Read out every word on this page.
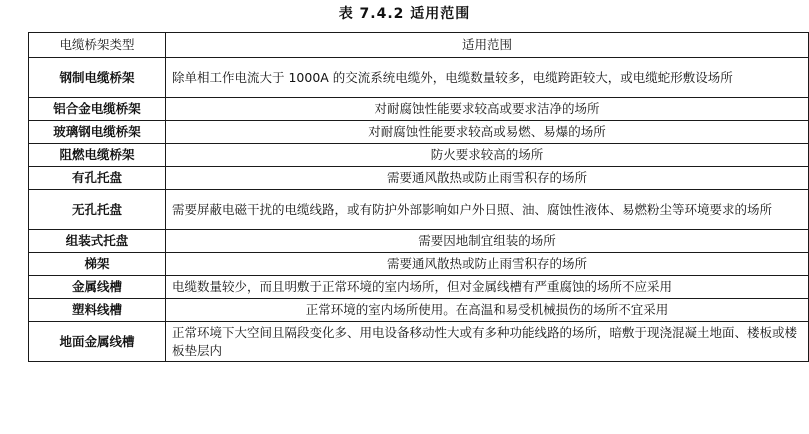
表 7.4.2 适用范围
电缆桥架类型	适用范围
钢制电缆桥架	除单相工作电流大于 1000A 的交流系统电缆外，电缆数量较多，电缆跨距较大，或电缆蛇形敷设场所
铝合金电缆桥架	对耐腐蚀性能要求较高或要求洁净的场所
玻璃钢电缆桥架	对耐腐蚀性能要求较高或易燃、易爆的场所
阻燃电缆桥架	防火要求较高的场所
有孔托盘	需要通风散热或防止雨雪积存的场所
无孔托盘	需要屏蔽电磁干扰的电缆线路，或有防护外部影响如户外日照、油、腐蚀性液体、易燃粉尘等环境要求的场所
组装式托盘	需要因地制宜组装的场所
梯架	需要通风散热或防止雨雪积存的场所
金属线槽	电缆数量较少，而且明敷于正常环境的室内场所，但对金属线槽有严重腐蚀的场所不应采用
塑料线槽	正常环境的室内场所使用。在高温和易受机械损伤的场所不宜采用
地面金属线槽	正常环境下大空间且隔段变化多、用电设备移动性大或有多种功能线路的场所，暗敷于现浇混凝土地面、楼板或楼板垫层内
